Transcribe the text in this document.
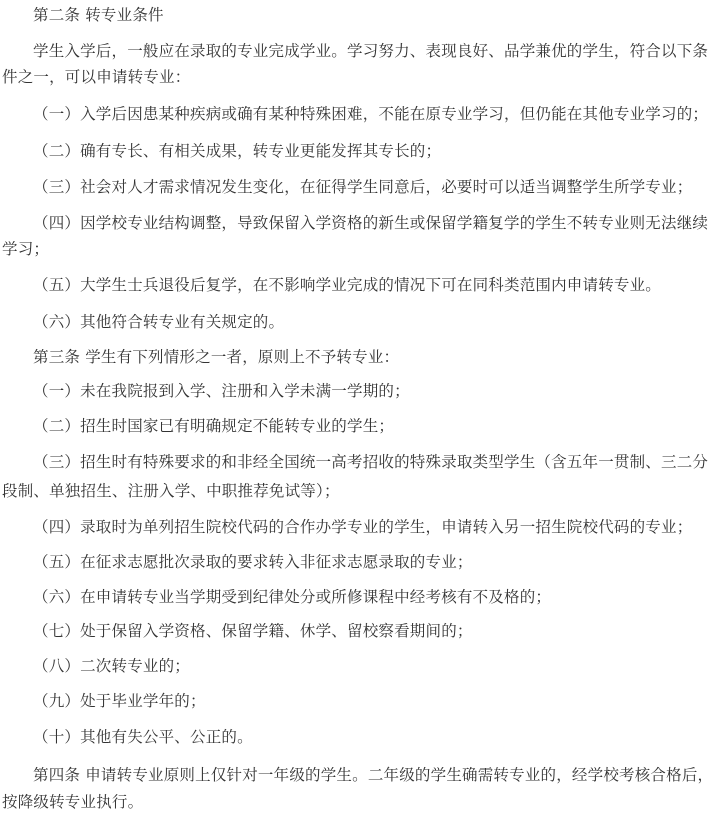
第二条 转专业条件
学生入学后，一般应在录取的专业完成学业。学习努力、表现良好、品学兼优的学生，符合以下条
件之一，可以申请转专业：
（一）入学后因患某种疾病或确有某种特殊困难，不能在原专业学习，但仍能在其他专业学习的；
（二）确有专长、有相关成果，转专业更能发挥其专长的；
（三）社会对人才需求情况发生变化，在征得学生同意后，必要时可以适当调整学生所学专业；
（四）因学校专业结构调整，导致保留入学资格的新生或保留学籍复学的学生不转专业则无法继续
学习；
（五）大学生士兵退役后复学，在不影响学业完成的情况下可在同科类范围内申请转专业。
（六）其他符合转专业有关规定的。
第三条 学生有下列情形之一者，原则上不予转专业：
（一）未在我院报到入学、注册和入学未满一学期的；
（二）招生时国家已有明确规定不能转专业的学生；
（三）招生时有特殊要求的和非经全国统一高考招收的特殊录取类型学生（含五年一贯制、三二分
段制、单独招生、注册入学、中职推荐免试等）；
（四）录取时为单列招生院校代码的合作办学专业的学生，申请转入另一招生院校代码的专业；
（五）在征求志愿批次录取的要求转入非征求志愿录取的专业；
（六）在申请转专业当学期受到纪律处分或所修课程中经考核有不及格的；
（七）处于保留入学资格、保留学籍、休学、留校察看期间的；
（八）二次转专业的；
（九）处于毕业学年的；
（十）其他有失公平、公正的。
第四条 申请转专业原则上仅针对一年级的学生。二年级的学生确需转专业的，经学校考核合格后，
按降级转专业执行。
